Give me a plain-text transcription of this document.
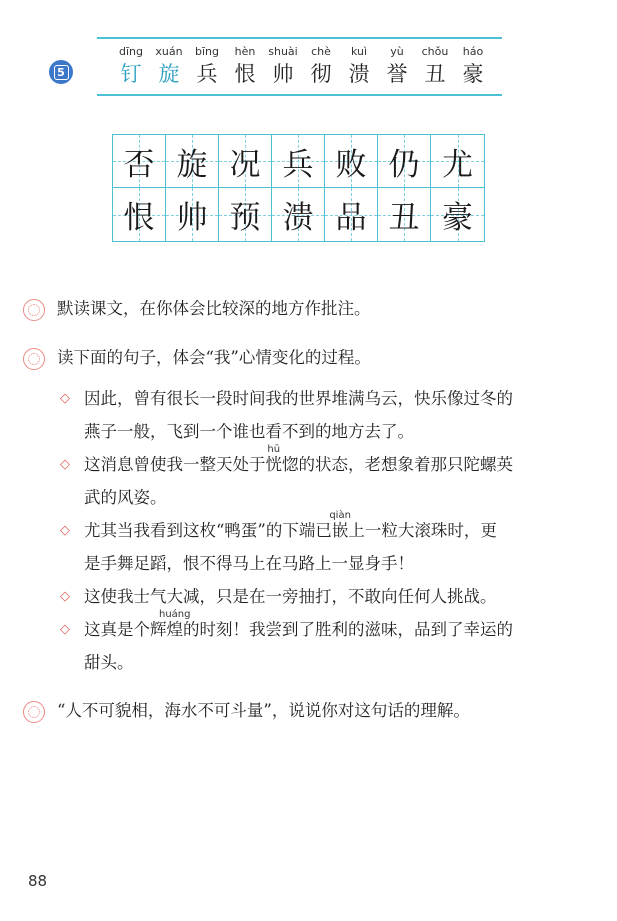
5
dīng
钉
xuán
旋
bīng
兵
hèn
恨
shuài
帅
chè
彻
kuì
溃
yù
誉
chǒu
丑
háo
豪
否 旋 况 兵 败 仍 尤
恨 帅 预 溃 品 丑 豪
默读课文，在你体会比较深的地方作批注。
读下面的句子，体会“我”心情变化的过程。
◇ 因此，曾有很长一段时间我的世界堆满乌云，快乐像过冬的
燕子一般，飞到一个谁也看不到的地方去了。
◇ 这消息曾使我一整天处于
hū
恍惚的状态，老想象着那只陀螺英
武的风姿。
◇ 尤其当我看到这枚“鸭蛋”的下端已
qiàn
嵌上一粒大滚珠时，更
是手舞足蹈，恨不得马上在马路上一显身手！
◇ 这使我士气大减，只是在一旁抽打，不敢向任何人挑战。
◇ 这真是个辉
huáng
煌的时刻！我尝到了胜利的滋味，品到了幸运的
甜头。
“人不可貌相，海水不可斗量”，说说你对这句话的理解。
88
